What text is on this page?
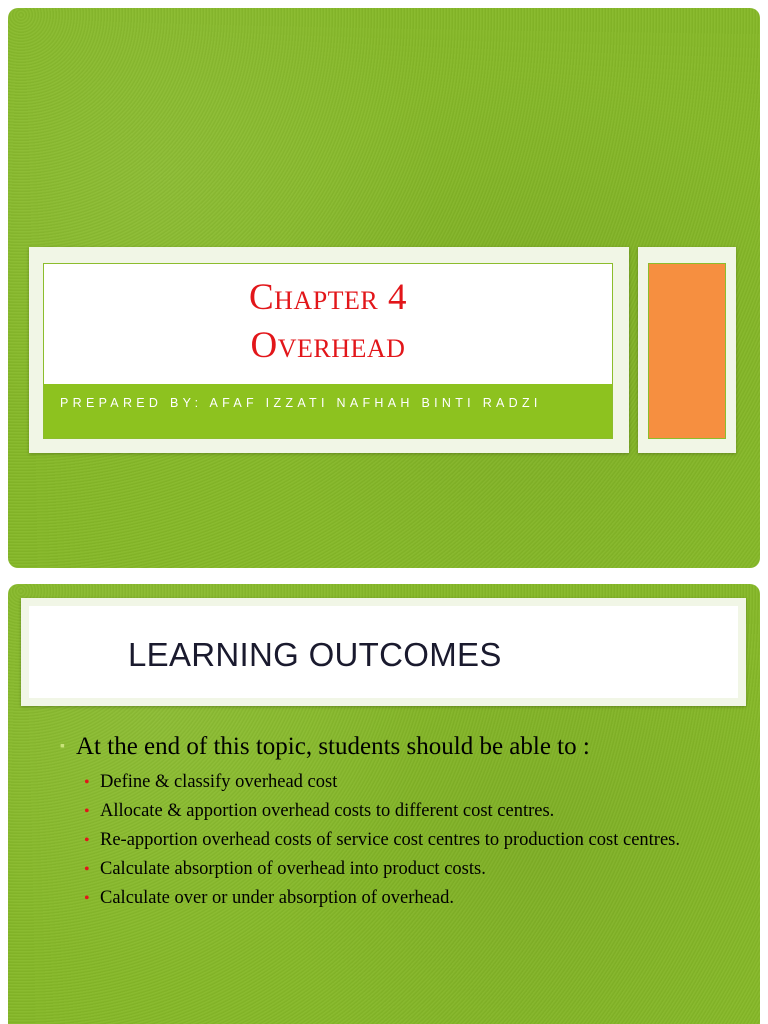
Chapter 4
Overhead
PREPARED BY: AFAF IZZATI NAFHAH BINTI RADZI
LEARNING OUTCOMES
▪ At the end of this topic, students should be able to :
• Define & classify overhead cost
• Allocate & apportion overhead costs to different cost centres.
• Re-apportion overhead costs of service cost centres to production cost centres.
• Calculate absorption of overhead into product costs.
• Calculate over or under absorption of overhead.
